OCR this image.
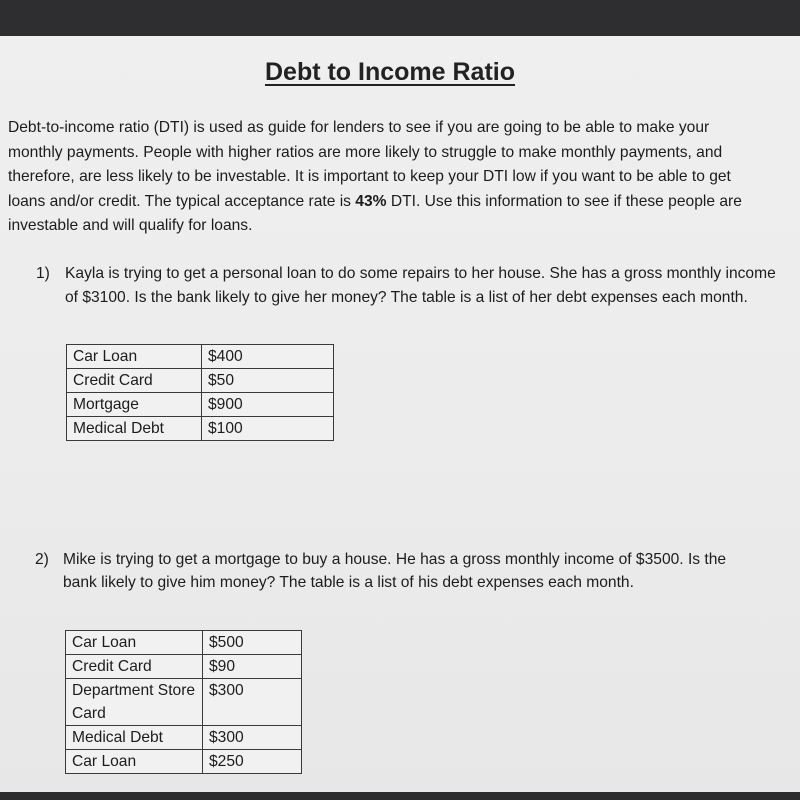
Debt to Income Ratio

Debt-to-income ratio (DTI) is used as guide for lenders to see if you are going to be able to make your monthly payments. People with higher ratios are more likely to struggle to make monthly payments, and therefore, are less likely to be investable. It is important to keep your DTI low if you want to be able to get loans and/or credit. The typical acceptance rate is 43% DTI. Use this information to see if these people are investable and will qualify for loans.

1) Kayla is trying to get a personal loan to do some repairs to her house. She has a gross monthly income of $3100. Is the bank likely to give her money? The table is a list of her debt expenses each month.
Car Loan	$400
Credit Card	$50
Mortgage	$900
Medical Debt	$100
2) Mike is trying to get a mortgage to buy a house. He has a gross monthly income of $3500. Is the bank likely to give him money? The table is a list of his debt expenses each month.
Car Loan	$500
Credit Card	$90
Department Store Card	$300
Medical Debt	$300
Car Loan	$250
